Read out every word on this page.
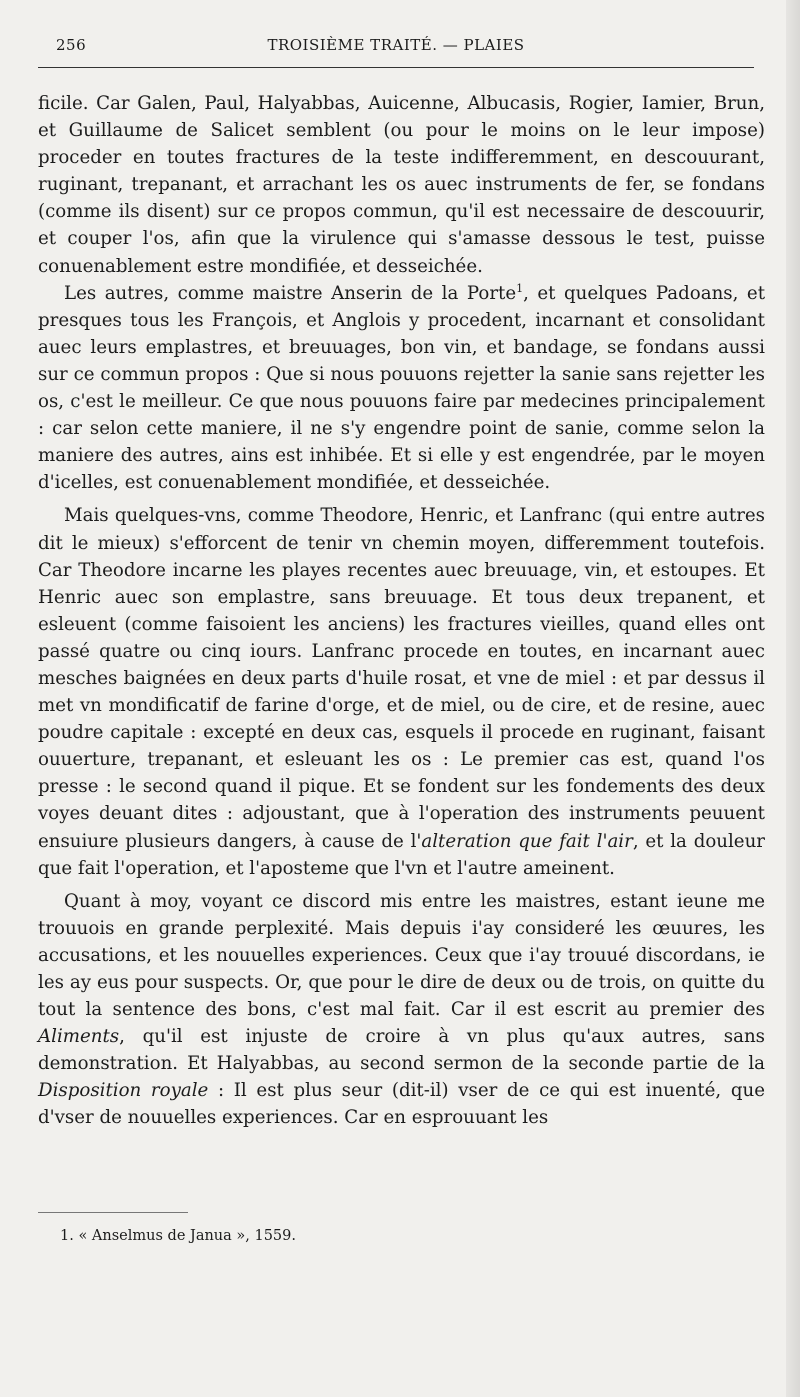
256	TROISIÈME TRAITÉ. — PLAIES

ficile. Car Galen, Paul, Halyabbas, Auicenne, Albucasis, Rogier, Iamier, Brun, et Guillaume de Salicet semblent (ou pour le moins on le leur impose) proceder en toutes fractures de la teste indifferemment, en descouurant, ruginant, trepanant, et arrachant les os auec instruments de fer, se fondans (comme ils disent) sur ce propos commun, qu'il est necessaire de descouurir, et couper l'os, afin que la virulence qui s'amasse dessous le test, puisse conuenablement estre mondifiée, et desseichée.

Les autres, comme maistre Anserin de la Porte$^1$, et quelques Padoans, et presques tous les François, et Anglois y procedent, incarnant et consolidant auec leurs emplastres, et breuuages, bon vin, et bandage, se fondans aussi sur ce commun propos : Que si nous pouuons rejetter la sanie sans rejetter les os, c'est le meilleur. Ce que nous pouuons faire par medecines principalement : car selon cette maniere, il ne s'y engendre point de sanie, comme selon la maniere des autres, ains est inhibée. Et si elle y est engendrée, par le moyen d'icelles, est conuenablement mondifiée, et desseichée.

Mais quelques-vns, comme Theodore, Henric, et Lanfranc (qui entre autres dit le mieux) s'efforcent de tenir vn chemin moyen, differemment toutefois. Car Theodore incarne les playes recentes auec breuuage, vin, et estoupes. Et Henric auec son emplastre, sans breuuage. Et tous deux trepanent, et esleuent (comme faisoient les anciens) les fractures vieilles, quand elles ont passé quatre ou cinq iours. Lanfranc procede en toutes, en incarnant auec mesches baignées en deux parts d'huile rosat, et vne de miel : et par dessus il met vn mondificatif de farine d'orge, et de miel, ou de cire, et de resine, auec poudre capitale : excepté en deux cas, esquels il procede en ruginant, faisant ouuerture, trepanant, et esleuant les os : Le premier cas est, quand l'os presse : le second quand il pique. Et se fondent sur les fondements des deux voyes deuant dites : adjoustant, que à l'operation des instruments peuuent ensuiure plusieurs dangers, à cause de l'alteration que fait l'air, et la douleur que fait l'operation, et l'aposteme que l'vn et l'autre ameinent.

Quant à moy, voyant ce discord mis entre les maistres, estant ieune me trouuois en grande perplexité. Mais depuis i'ay consideré les œuures, les accusations, et les nouuelles experiences. Ceux que i'ay trouué discordans, ie les ay eus pour suspects. Or, que pour le dire de deux ou de trois, on quitte du tout la sentence des bons, c'est mal fait. Car il est escrit au premier des Aliments, qu'il est injuste de croire à vn plus qu'aux autres, sans demonstration. Et Halyabbas, au second sermon de la seconde partie de la Disposition royale : Il est plus seur (dit-il) vser de ce qui est inuenté, que d'vser de nouuelles experiences. Car en esprouuant les

1. « Anselmus de Janua », 1559.
